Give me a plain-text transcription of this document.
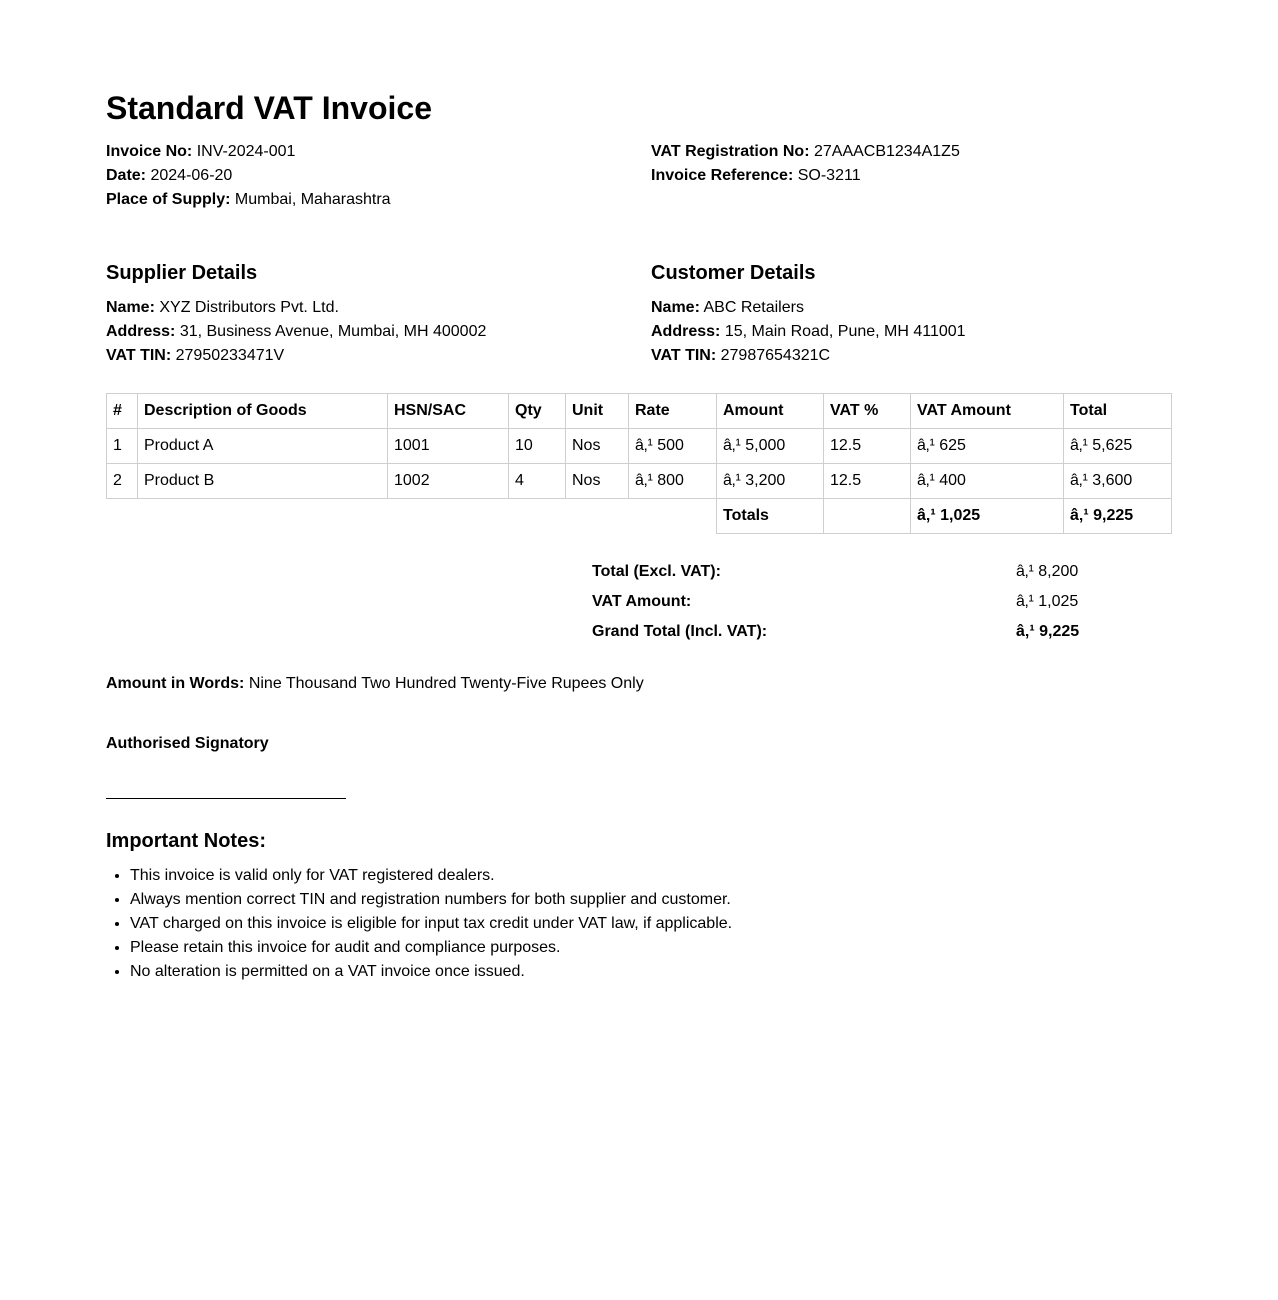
Standard VAT Invoice
Invoice No: INV-2024-001
Date: 2024-06-20
Place of Supply: Mumbai, Maharashtra
VAT Registration No: 27AAACB1234A1Z5
Invoice Reference: SO-3211
Supplier Details
Name: XYZ Distributors Pvt. Ltd.
Address: 31, Business Avenue, Mumbai, MH 400002
VAT TIN: 27950233471V
Customer Details
Name: ABC Retailers
Address: 15, Main Road, Pune, MH 411001
VAT TIN: 27987654321C
#	Description of Goods	HSN/SAC	Qty	Unit	Rate	Amount	VAT %	VAT Amount	Total
1	Product A	1001	10	Nos	â‚¹ 500	â‚¹ 5,000	12.5	â‚¹ 625	â‚¹ 5,625
2	Product B	1002	4	Nos	â‚¹ 800	â‚¹ 3,200	12.5	â‚¹ 400	â‚¹ 3,600
						Totals		â‚¹ 1,025	â‚¹ 9,225
Total (Excl. VAT):	â‚¹ 8,200
VAT Amount:	â‚¹ 1,025
Grand Total (Incl. VAT):	â‚¹ 9,225
Amount in Words: Nine Thousand Two Hundred Twenty-Five Rupees Only
Authorised Signatory
Important Notes:
• This invoice is valid only for VAT registered dealers.
• Always mention correct TIN and registration numbers for both supplier and customer.
• VAT charged on this invoice is eligible for input tax credit under VAT law, if applicable.
• Please retain this invoice for audit and compliance purposes.
• No alteration is permitted on a VAT invoice once issued.
